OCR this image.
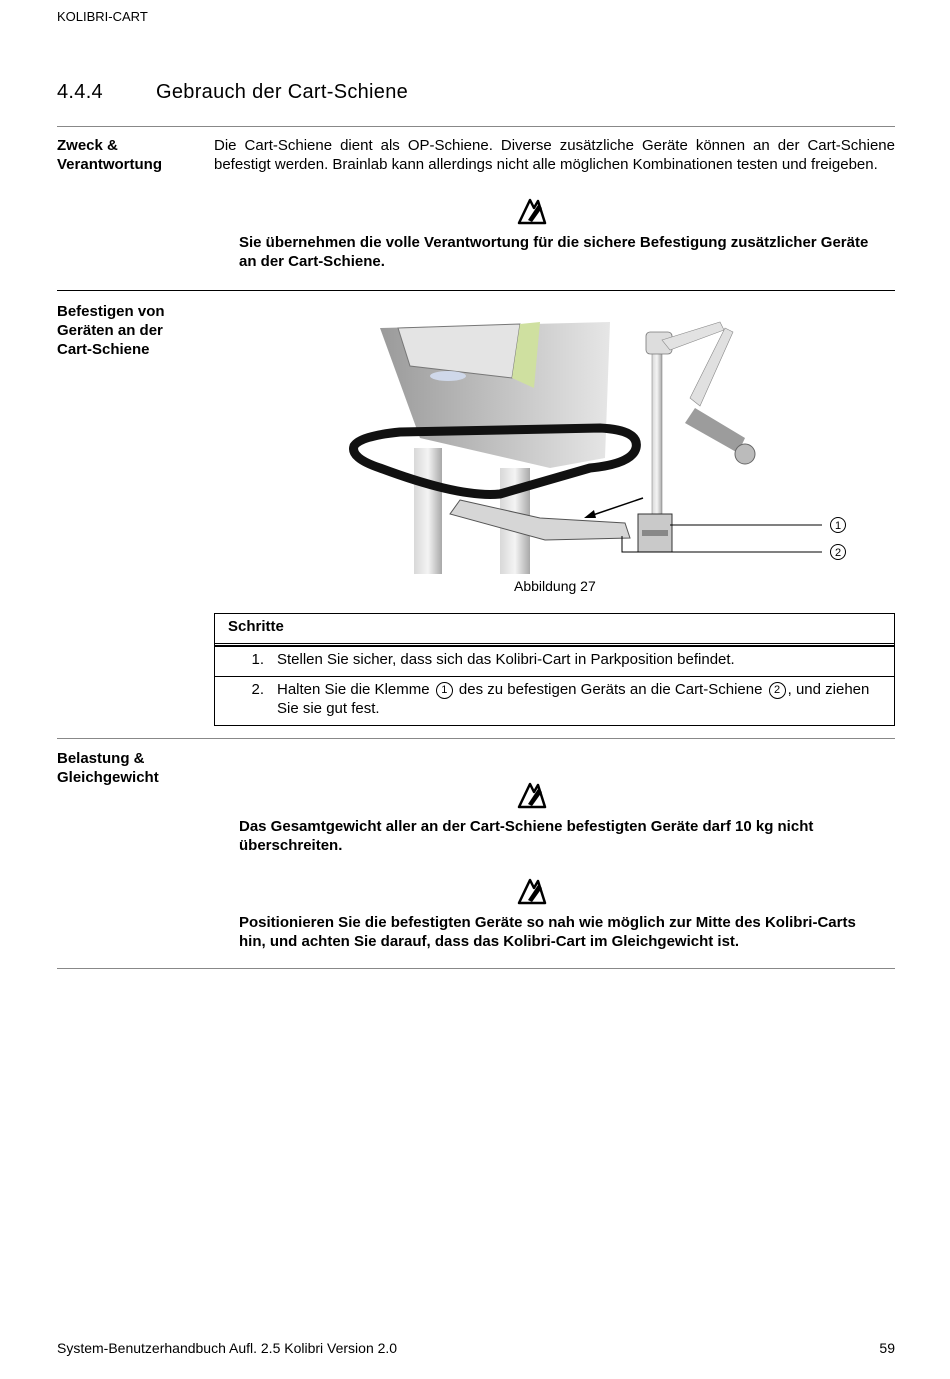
KOLIBRI-CART
4.4.4	Gebrauch der Cart-Schiene
Zweck &
Verantwortung
Die Cart-Schiene dient als OP-Schiene. Diverse zusätzliche Geräte können an der Cart-Schiene befestigt werden. Brainlab kann allerdings nicht alle möglichen Kombinationen testen und freigeben.
Sie übernehmen die volle Verantwortung für die sichere Befestigung zusätzlicher Geräte an der Cart-Schiene.
Befestigen von
Geräten an der
Cart-Schiene
1
2
Abbildung 27
Schritte
1. Stellen Sie sicher, dass sich das Kolibri-Cart in Parkposition befindet.
2. Halten Sie die Klemme 1 des zu befestigen Geräts an die Cart-Schiene 2 , und ziehen Sie sie gut fest.
Belastung &
Gleichgewicht
Das Gesamtgewicht aller an der Cart-Schiene befestigten Geräte darf 10 kg nicht überschreiten.
Positionieren Sie die befestigten Geräte so nah wie möglich zur Mitte des Kolibri-Carts hin, und achten Sie darauf, dass das Kolibri-Cart im Gleichgewicht ist.
System-Benutzerhandbuch Aufl. 2.5 Kolibri Version 2.0	59
